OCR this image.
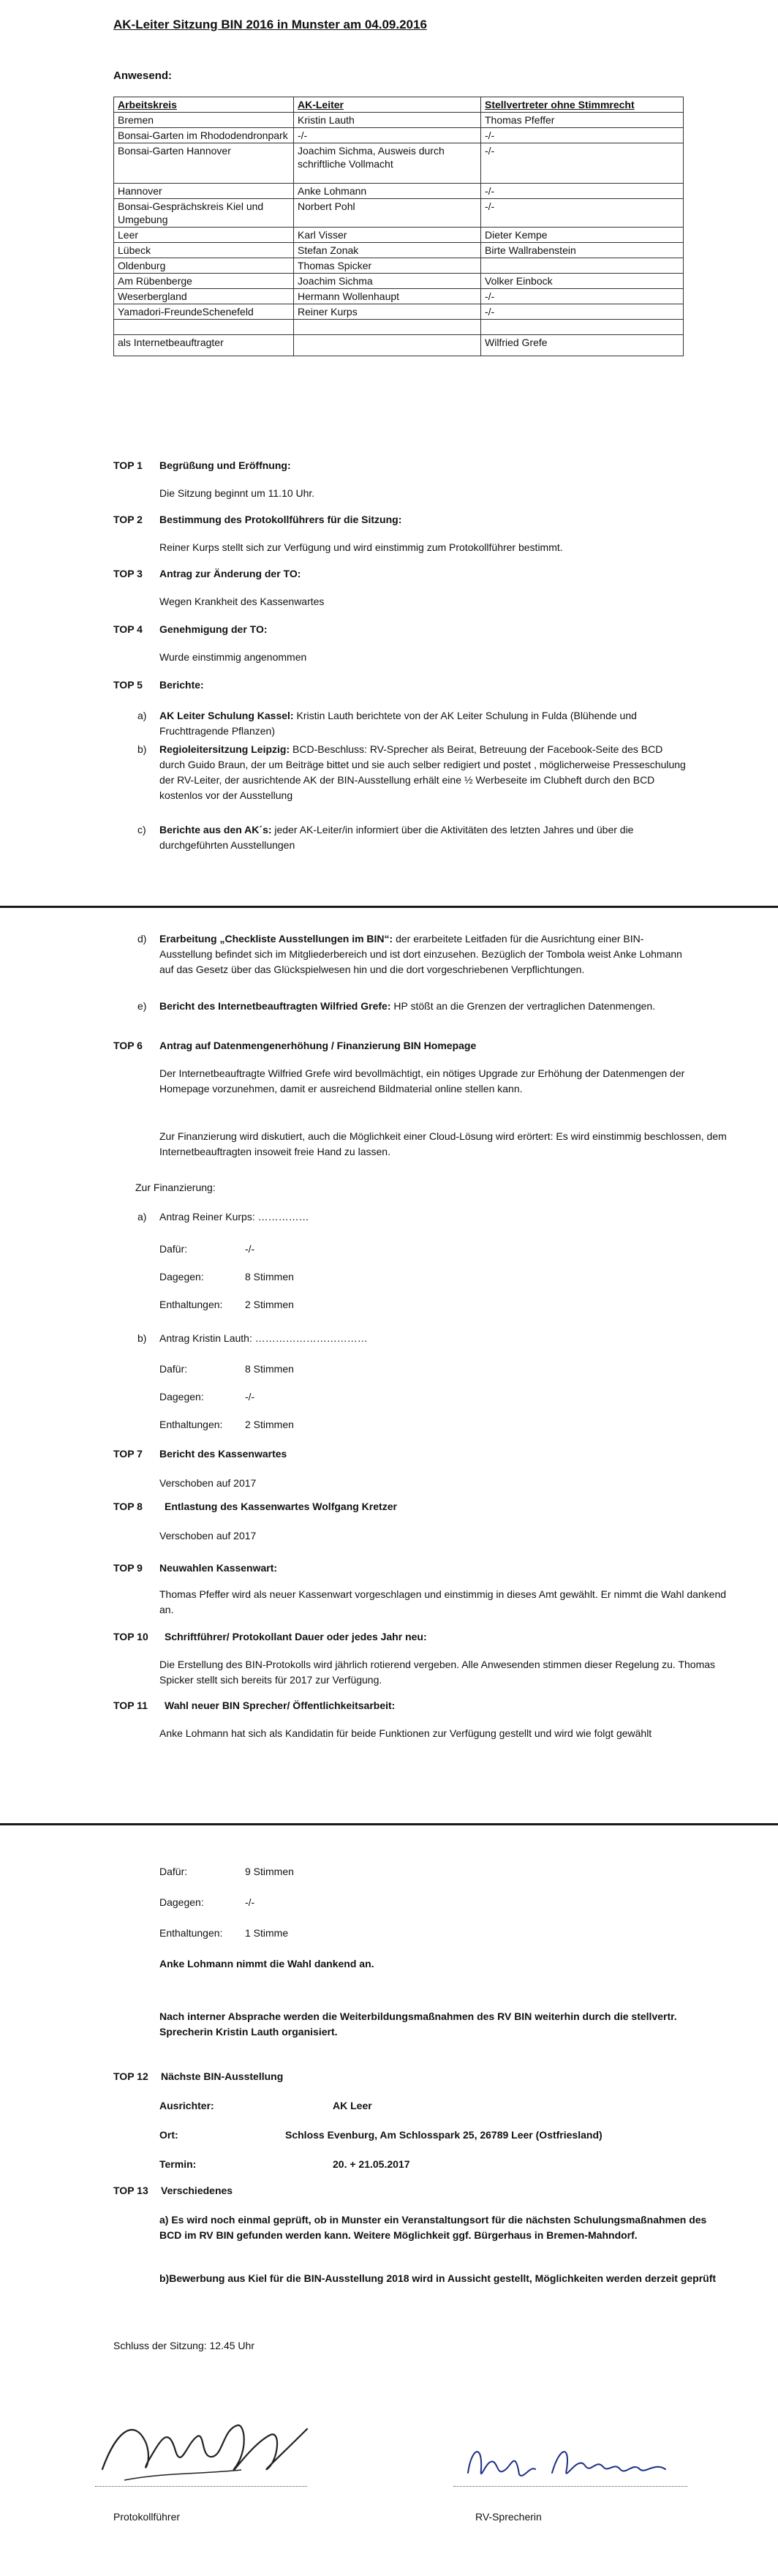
AK-Leiter Sitzung BIN 2016 in Munster am 04.09.2016
Anwesend:
Arbeitskreis	AK-Leiter	Stellvertreter ohne Stimmrecht
Bremen	Kristin Lauth	Thomas Pfeffer
Bonsai-Garten im Rhododendronpark	-/-	-/-
Bonsai-Garten Hannover	Joachim Sichma, Ausweis durch schriftliche Vollmacht	-/-
Hannover	Anke Lohmann	-/-
Bonsai-Gesprächskreis Kiel und Umgebung	Norbert Pohl	-/-
Leer	Karl Visser	Dieter Kempe
Lübeck	Stefan Zonak	Birte Wallrabenstein
Oldenburg	Thomas Spicker	
Am Rübenberge	Joachim Sichma	Volker Einbock
Weserbergland	Hermann Wollenhaupt	-/-
Yamadori-FreundeSchenefeld	Reiner Kurps	-/-

als Internetbeauftragter		Wilfried Grefe
TOP 1 Begrüßung und Eröffnung:
Die Sitzung beginnt um 11.10 Uhr.
TOP 2 Bestimmung des Protokollführers für die Sitzung:
Reiner Kurps stellt sich zur Verfügung und wird einstimmig zum Protokollführer bestimmt.
TOP 3 Antrag zur Änderung der TO:
Wegen Krankheit des Kassenwartes
TOP 4 Genehmigung der TO:
Wurde einstimmig angenommen
TOP 5 Berichte:
a) AK Leiter Schulung Kassel: Kristin Lauth berichtete von der AK Leiter Schulung in Fulda (Blühende und Fruchttragende Pflanzen)
b) Regioleitersitzung Leipzig: BCD-Beschluss: RV-Sprecher als Beirat, Betreuung der Facebook-Seite des BCD durch Guido Braun, der um Beiträge bittet und sie auch selber redigiert und postet , möglicherweise Presseschulung der RV-Leiter, der ausrichtende AK der BIN-Ausstellung erhält eine ½ Werbeseite im Clubheft durch den BCD kostenlos vor der Ausstellung
c) Berichte aus den AK´s: jeder AK-Leiter/in informiert über die Aktivitäten des letzten Jahres und über die durchgeführten Ausstellungen
d) Erarbeitung „Checkliste Ausstellungen im BIN“: der erarbeitete Leitfaden für die Ausrichtung einer BIN-Ausstellung befindet sich im Mitgliederbereich und ist dort einzusehen. Bezüglich der Tombola weist Anke Lohmann auf das Gesetz über das Glückspielwesen hin und die dort vorgeschriebenen Verpflichtungen.
e) Bericht des Internetbeauftragten Wilfried Grefe: HP stößt an die Grenzen der vertraglichen Datenmengen.
TOP 6 Antrag auf Datenmengenerhöhung / Finanzierung BIN Homepage
Der Internetbeauftragte Wilfried Grefe wird bevollmächtigt, ein nötiges Upgrade zur Erhöhung der Datenmengen der Homepage vorzunehmen, damit er ausreichend Bildmaterial online stellen kann.
Zur Finanzierung wird diskutiert, auch die Möglichkeit einer Cloud-Lösung wird erörtert: Es wird einstimmig beschlossen, dem Internetbeauftragten insoweit freie Hand zu lassen.
Zur Finanzierung:
a) Antrag Reiner Kurps: ……………
Dafür:	-/-
Dagegen:	8 Stimmen
Enthaltungen: 2 Stimmen
b) Antrag Kristin Lauth: ……………………………
Dafür:	8 Stimmen
Dagegen:	-/-
Enthaltungen: 2 Stimmen
TOP 7 Bericht des Kassenwartes
Verschoben auf 2017
TOP 8 Entlastung des Kassenwartes Wolfgang Kretzer
Verschoben auf 2017
TOP 9 Neuwahlen Kassenwart:
Thomas Pfeffer wird als neuer Kassenwart vorgeschlagen und einstimmig in dieses Amt gewählt. Er nimmt die Wahl dankend an.
TOP 10 Schriftführer/ Protokollant Dauer oder jedes Jahr neu:
Die Erstellung des BIN-Protokolls wird jährlich rotierend vergeben. Alle Anwesenden stimmen dieser Regelung zu. Thomas Spicker stellt sich bereits für 2017 zur Verfügung.
TOP 11 Wahl neuer BIN Sprecher/ Öffentlichkeitsarbeit:
Anke Lohmann hat sich als Kandidatin für beide Funktionen zur Verfügung gestellt und wird wie folgt gewählt
Dafür:	9 Stimmen
Dagegen:	-/-
Enthaltungen: 1 Stimme
Anke Lohmann nimmt die Wahl dankend an.
Nach interner Absprache werden die Weiterbildungsmaßnahmen des RV BIN weiterhin durch die stellvertr. Sprecherin Kristin Lauth organisiert.
TOP 12 Nächste BIN-Ausstellung
Ausrichter:	AK Leer
Ort:	Schloss Evenburg, Am Schlosspark 25, 26789 Leer (Ostfriesland)
Termin:	20. + 21.05.2017
TOP 13 Verschiedenes
a) Es wird noch einmal geprüft, ob in Munster ein Veranstaltungsort für die nächsten Schulungsmaßnahmen des BCD im RV BIN gefunden werden kann. Weitere Möglichkeit ggf. Bürgerhaus in Bremen-Mahndorf.
b)Bewerbung aus Kiel für die BIN-Ausstellung 2018 wird in Aussicht gestellt, Möglichkeiten werden derzeit geprüft
Schluss der Sitzung: 12.45 Uhr
Protokollführer	RV-Sprecherin
